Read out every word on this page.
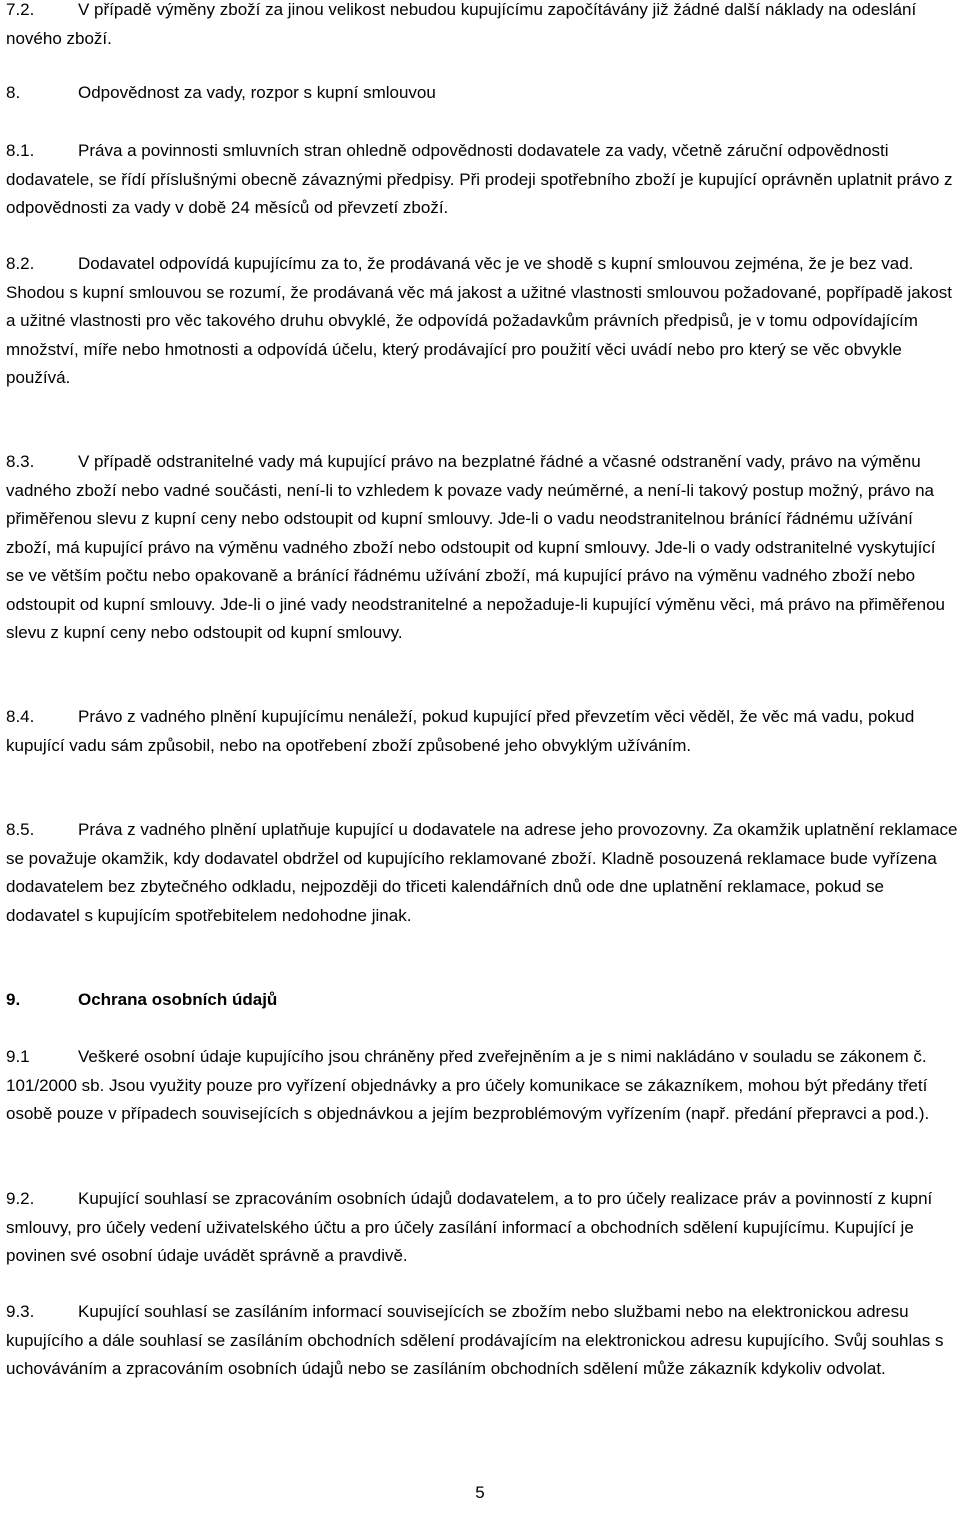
7.2.	V případě výměny zboží za jinou velikost nebudou kupujícímu započítávány již žádné další náklady na odeslání nového zboží.

8.	Odpovědnost za vady, rozpor s kupní smlouvou

8.1.	Práva a povinnosti smluvních stran ohledně odpovědnosti dodavatele za vady, včetně záruční odpovědnosti dodavatele, se řídí příslušnými obecně závaznými předpisy. Při prodeji spotřebního zboží je kupující oprávněn uplatnit právo z odpovědnosti za vady v době 24 měsíců od převzetí zboží.

8.2.	Dodavatel odpovídá kupujícímu za to, že prodávaná věc je ve shodě s kupní smlouvou zejména, že je bez vad. Shodou s kupní smlouvou se rozumí, že prodávaná věc má jakost a užitné vlastnosti smlouvou požadované, popřípadě jakost a užitné vlastnosti pro věc takového druhu obvyklé, že odpovídá požadavkům právních předpisů, je v tomu odpovídajícím množství, míře nebo hmotnosti a odpovídá účelu, který prodávající pro použití věci uvádí nebo pro který se věc obvykle používá.

8.3.	V případě odstranitelné vady má kupující právo na bezplatné řádné a včasné odstranění vady, právo na výměnu vadného zboží nebo vadné součásti, není-li to vzhledem k povaze vady neúměrné, a není-li takový postup možný, právo na přiměřenou slevu z kupní ceny nebo odstoupit od kupní smlouvy. Jde-li o vadu neodstranitelnou bránící řádnému užívání zboží, má kupující právo na výměnu vadného zboží nebo odstoupit od kupní smlouvy. Jde-li o vady odstranitelné vyskytující se ve větším počtu nebo opakovaně a bránící řádnému užívání zboží, má kupující právo na výměnu vadného zboží nebo odstoupit od kupní smlouvy. Jde-li o jiné vady neodstranitelné a nepožaduje-li kupující výměnu věci, má právo na přiměřenou slevu z kupní ceny nebo odstoupit od kupní smlouvy.

8.4.	Právo z vadného plnění kupujícímu nenáleží, pokud kupující před převzetím věci věděl, že věc má vadu, pokud kupující vadu sám způsobil, nebo na opotřebení zboží způsobené jeho obvyklým užíváním.

8.5.	Práva z vadného plnění uplatňuje kupující u dodavatele na adrese jeho provozovny. Za okamžik uplatnění reklamace se považuje okamžik, kdy dodavatel obdržel od kupujícího reklamované zboží. Kladně posouzená reklamace bude vyřízena dodavatelem bez zbytečného odkladu, nejpozději do třiceti kalendářních dnů ode dne uplatnění reklamace, pokud se dodavatel s kupujícím spotřebitelem nedohodne jinak.

9.	Ochrana osobních údajů

9.1	Veškeré osobní údaje kupujícího jsou chráněny před zveřejněním a je s nimi nakládáno v souladu se zákonem č. 101/2000 sb. Jsou využity pouze pro vyřízení objednávky a pro účely komunikace se zákazníkem, mohou být předány třetí osobě pouze v případech souvisejících s objednávkou a jejím bezproblémovým vyřízením (např. předání přepravci a pod.).

9.2.	Kupující souhlasí se zpracováním osobních údajů dodavatelem, a to pro účely realizace práv a povinností z kupní smlouvy, pro účely vedení uživatelského účtu a pro účely zasílání informací a obchodních sdělení kupujícímu. Kupující je povinen své osobní údaje uvádět správně a pravdivě.

9.3.	Kupující souhlasí se zasíláním informací souvisejících se zbožím nebo službami nebo na elektronickou adresu kupujícího a dále souhlasí se zasíláním obchodních sdělení prodávajícím na elektronickou adresu kupujícího. Svůj souhlas s uchováváním a zpracováním osobních údajů nebo se zasíláním obchodních sdělení může zákazník kdykoliv odvolat.

5
